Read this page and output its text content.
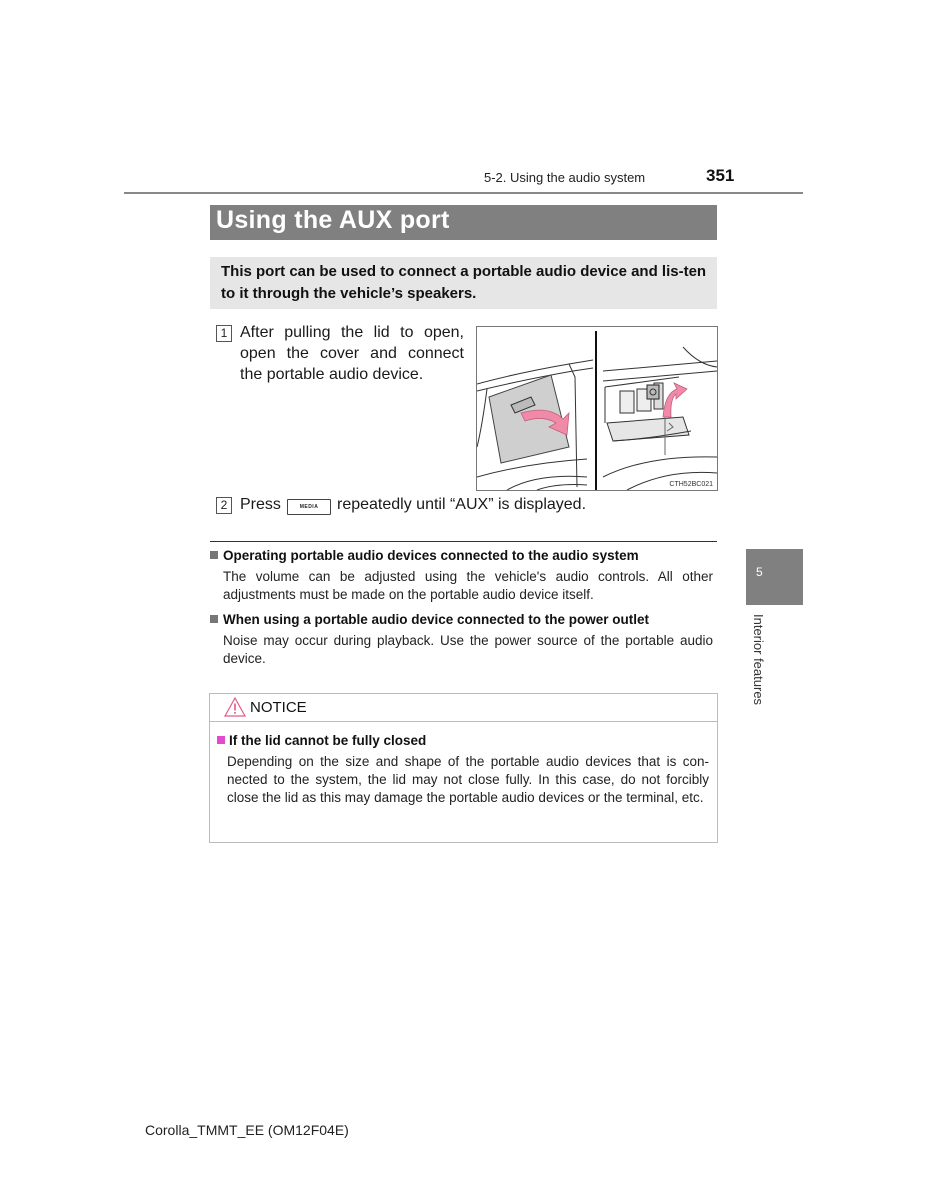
5-2. Using the audio system	351
Using the AUX port
This port can be used to connect a portable audio device and lis-ten to it through the vehicle’s speakers.
1 After pulling the lid to open, open the cover and connect the portable audio device.
CTH52BC021
2 Press	MEDIA	repeatedly until “AUX” is displayed.
Operating portable audio devices connected to the audio system
The volume can be adjusted using the vehicle's audio controls. All other adjustments must be made on the portable audio device itself.
When using a portable audio device connected to the power outlet
Noise may occur during playback. Use the power source of the portable audio device.
5
Interior features
NOTICE
If the lid cannot be fully closed
Depending on the size and shape of the portable audio devices that is con-nected to the system, the lid may not close fully. In this case, do not forcibly close the lid as this may damage the portable audio devices or the terminal, etc.
Corolla_TMMT_EE (OM12F04E)
